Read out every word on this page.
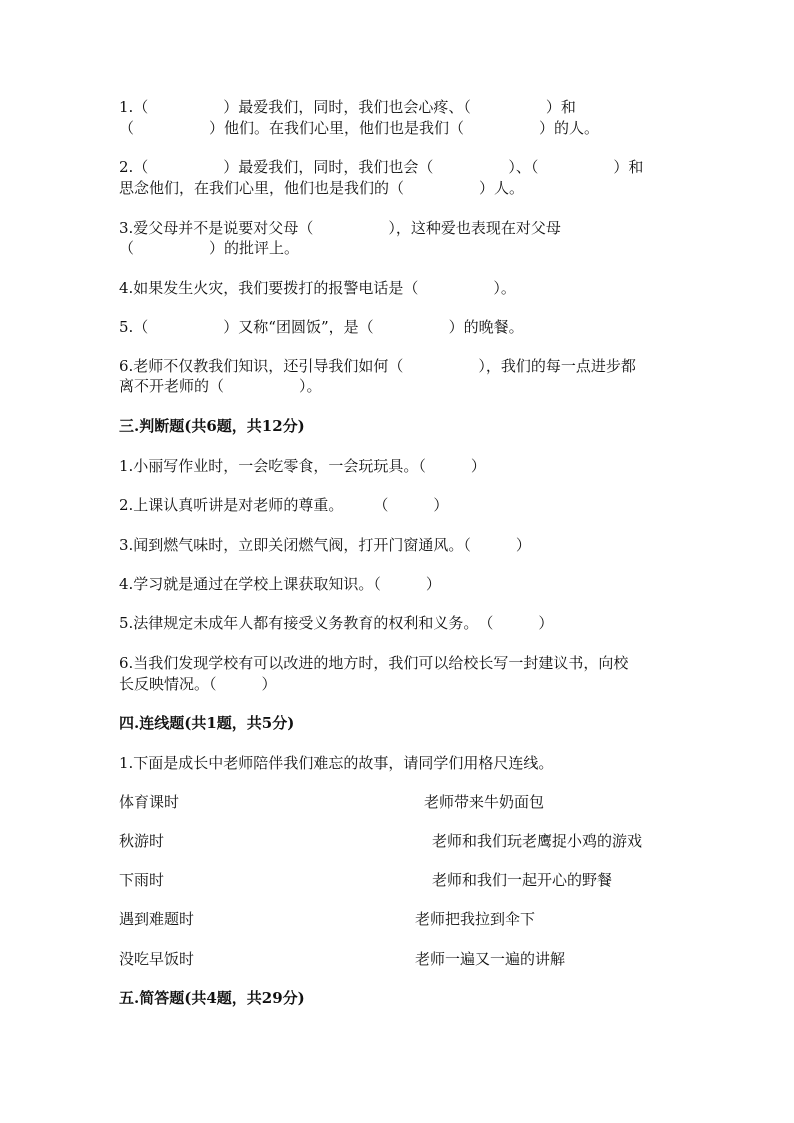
1.（　　　　　）最爱我们，同时，我们也会心疼、（　　　　　）和
（　　　　　）他们。在我们心里，他们也是我们（　　　　　）的人。
2.（　　　　　）最爱我们，同时，我们也会（　　　　　）、（　　　　　）和
思念他们，在我们心里，他们也是我们的（　　　　　）人。
3.爱父母并不是说要对父母（　　　　　），这种爱也表现在对父母
（　　　　　）的批评上。
4.如果发生火灾，我们要拨打的报警电话是（　　　　　）。
5.（　　　　　）又称“团圆饭”，是（　　　　　）的晚餐。
6.老师不仅教我们知识，还引导我们如何（　　　　　），我们的每一点进步都
离不开老师的（　　　　　）。
三.判断题(共6题，共12分)
1.小丽写作业时，一会吃零食，一会玩玩具。（　　　）
2.上课认真听讲是对老师的尊重。　　　（　　　）
3.闻到燃气味时，立即关闭燃气阀，打开门窗通风。（　　　）
4.学习就是通过在学校上课获取知识。（　　　）
5.法律规定未成年人都有接受义务教育的权利和义务。　（　　　）
6.当我们发现学校有可以改进的地方时，我们可以给校长写一封建议书，向校
长反映情况。（　　　）
四.连线题(共1题，共5分)
1.下面是成长中老师陪伴我们难忘的故事，请同学们用格尺连线。
体育课时	老师带来牛奶面包
秋游时	老师和我们玩老鹰捉小鸡的游戏
下雨时	老师和我们一起开心的野餐
遇到难题时	老师把我拉到伞下
没吃早饭时	老师一遍又一遍的讲解
五.简答题(共4题，共29分)
